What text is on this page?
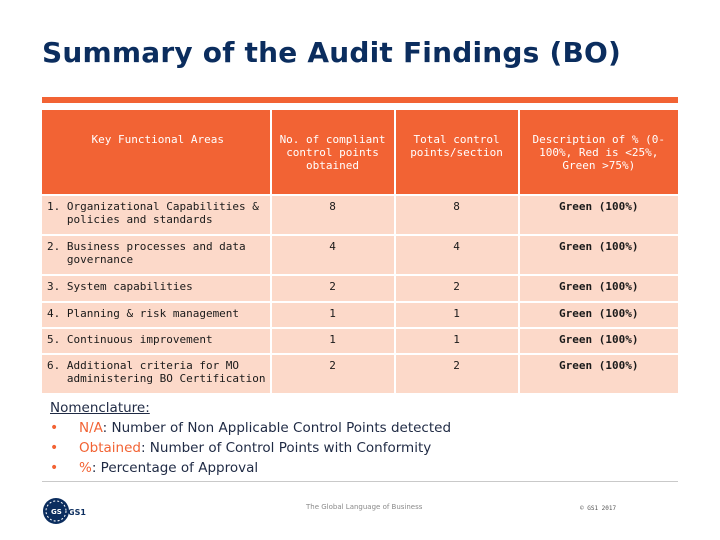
Summary of the Audit Findings (BO)
Key Functional Areas	No. of compliant control points obtained	Total control points/section	Description of % (0-100%, Red is <25%, Green >75%)

1. Organizational Capabilities &
policies and standards	8	8	Green (100%)

2. Business processes and data
governance	4	4	Green (100%)

3. System capabilities	2	2	Green (100%)

4. Planning & risk management	1	1	Green (100%)

5. Continuous improvement	1	1	Green (100%)

6. Additional criteria for MO
administering BO Certification	2	2	Green (100%)
Nomenclature:
• N/A: Number of Non Applicable Control Points detected
• Obtained: Number of Control Points with Conformity
• %: Percentage of Approval
GS GS1
The Global Language of Business	© GS1 2017
